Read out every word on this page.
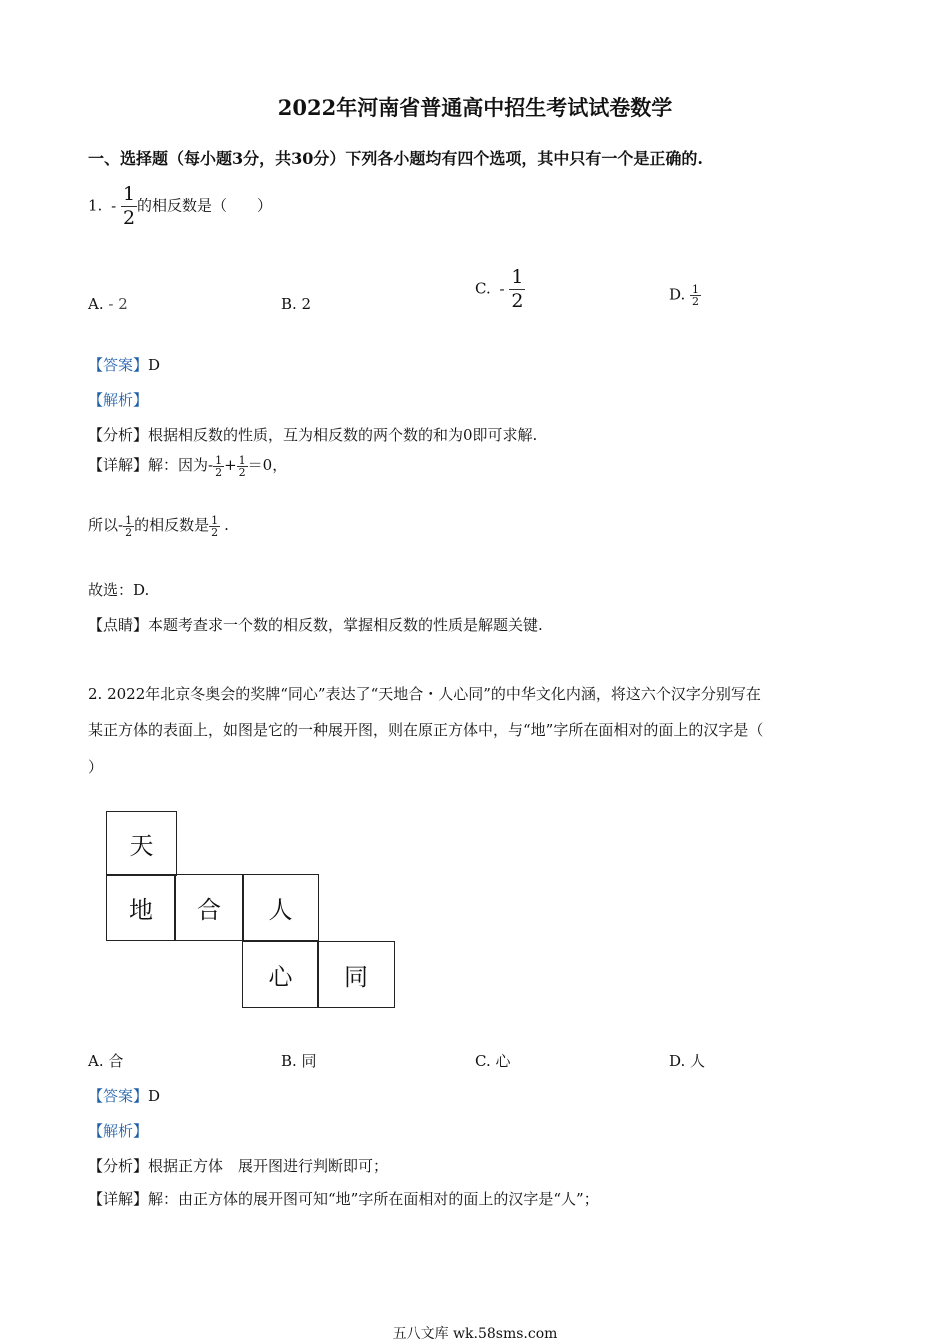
2022年河南省普通高中招生考试试卷数学
一、选择题（每小题3分，共30分）下列各小题均有四个选项，其中只有一个是正确的.
1. - $\frac{1}{2}$ 的相反数是（　　）
A. - 2	B. 2
C. - $\frac{1}{2}$	D. $\frac{1}{2}$
【答案】D
【解析】
【分析】根据相反数的性质，互为相反数的两个数的和为0即可求解.
【详解】解：因为- $\frac{1}{2} + \frac{1}{2} =0$，
所以- $\frac{1}{2}$ 的相反数是 $\frac{1}{2}$ .
故选：D.
【点睛】本题考查求一个数的相反数，掌握相反数的性质是解题关键.
2. 2022年北京冬奥会的奖牌“同心”表达了“天地合・人心同”的中华文化内涵，将这六个汉字分别写在
某正方体的表面上，如图是它的一种展开图，则在原正方体中，与“地”字所在面相对的面上的汉字是（
）
天
地	合	人
心	同
A. 合	B. 同	C. 心	D. 人
【答案】D
【解析】
【分析】根据正方体　展开图进行判断即可；
【详解】解：由正方体的展开图可知“地”字所在面相对的面上的汉字是“人”；
五八文库 wk.58sms.com
